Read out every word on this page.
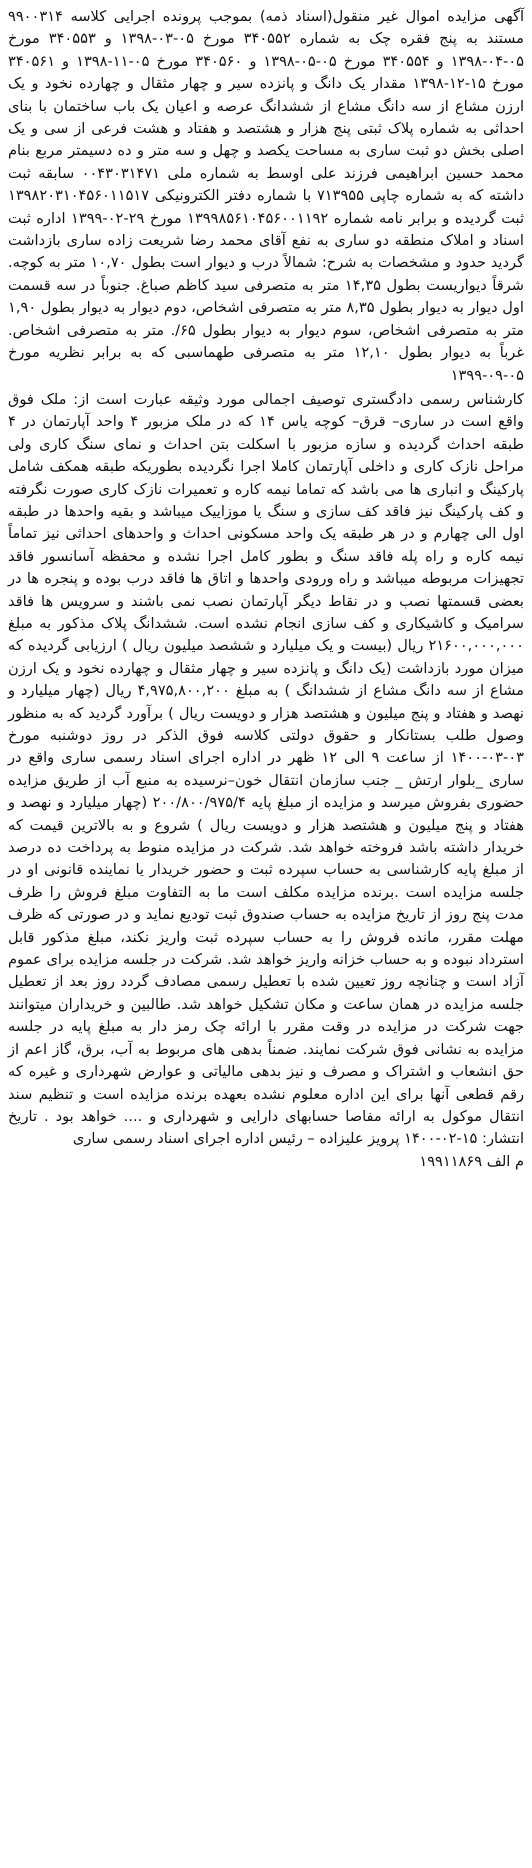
آگهی مزایده اموال غیر منقول(اسناد ذمه) بموجب پرونده اجرایی کلاسه ۹۹۰۰۳۱۴ مستند به پنج فقره چک به شماره ۳۴۰۵۵۲ مورخ ۰۵-۰۳-۱۳۹۸ و ۳۴۰۵۵۳ مورخ ۰۵-۰۴-۱۳۹۸ و ۳۴۰۵۵۴ مورخ ۰۵-۰۵-۱۳۹۸ و ۳۴۰۵۶۰ مورخ ۰۵-۱۱-۱۳۹۸ و ۳۴۰۵۶۱ مورخ ۱۵-۱۲-۱۳۹۸ مقدار یک دانگ و پانزده سیر و چهار مثقال و چهارده نخود و یک ارزن مشاع از سه دانگ مشاع از ششدانگ عرصه و اعیان یک باب ساختمان با بنای احداثی به شماره پلاک ثبتی پنج هزار و هشتصد و هفتاد و هشت فرعی از سی و یک اصلی بخش دو ثبت ساری به مساحت یکصد و چهل و سه متر و ده دسیمتر مربع بنام محمد حسین ابراهیمی فرزند علی اوسط به شماره ملی ۰۰۴۳۰۳۱۴۷۱ سابقه ثبت داشته که به شماره چاپی ۷۱۳۹۵۵ با شماره دفتر الکترونیکی ۱۳۹۸۲۰۳۱۰۴۵۶۰۱۱۵۱۷ ثبت گردیده و برابر نامه شماره ۱۳۹۹۸۵۶۱۰۴۵۶۰۰۱۱۹۲ مورخ ۲۹-۰۲-۱۳۹۹ اداره ثبت اسناد و املاک منطقه دو ساری به نفع آقای محمد رضا شریعت زاده ساری بازداشت گردید حدود و مشخصات به شرح: شمالاً درب و دیوار است بطول ۱۰,۷۰ متر به کوچه. شرقاً دیواریست بطول ۱۴,۳۵ متر به متصرفی سید کاظم صباغ. جنوباً در سه قسمت اول دیوار به دیوار بطول ۸,۳۵ متر به متصرفی اشخاص، دوم دیوار به دیوار بطول ۱,۹۰ متر به متصرفی اشخاص، سوم دیوار به دیوار بطول ۶۵/. متر به متصرفی اشخاص. غرباً به دیوار بطول ۱۲,۱۰ متر به متصرفی طهماسبی که به برابر نظریه مورخ ۰۵-۰۹-۱۳۹۹

کارشناس رسمی دادگستری توصیف اجمالی مورد وثیقه عبارت است از: ملک فوق واقع است در ساری– قرق– کوچه یاس ۱۴ که در ملک مزبور ۴ واحد آپارتمان در ۴ طبقه احداث گردیده و سازه مزبور با اسکلت بتن احداث و نمای سنگ کاری ولی مراحل نازک کاری و داخلی آپارتمان کاملا اجرا نگردیده بطوریکه طبقه همکف شامل پارکینگ و انباری ها می باشد که تماما نیمه کاره و تعمیرات نازک کاری صورت نگرفته و کف پارکینگ نیز فاقد کف سازی و سنگ یا موزاییک میباشد و بقیه واحدها در طبقه اول الی چهارم و در هر طبقه یک واحد مسکونی احداث و واحدهای احداثی نیز تماماً نیمه کاره و راه پله فاقد سنگ و بطور کامل اجرا نشده و محفظه آسانسور فاقد تجهیزات مربوطه میباشد و راه ورودی واحدها و اتاق ها فاقد درب بوده و پنجره ها در بعضی قسمتها نصب و در نقاط دیگر آپارتمان نصب نمی باشند و سرویس ها فاقد سرامیک و کاشیکاری و کف سازی انجام نشده است. ششدانگ پلاک مذکور به مبلغ ۲۱۶۰۰,۰۰۰,۰۰۰ ریال (بیست و یک میلیارد و ششصد میلیون ریال ) ارزیابی گردیده که میزان مورد بازداشت (یک دانگ و پانزده سیر و چهار مثقال و چهارده نخود و یک ارزن مشاع از سه دانگ مشاع از ششدانگ ) به مبلغ ۴,۹۷۵,۸۰۰,۲۰۰ ریال (چهار میلیارد و نهصد و هفتاد و پنج میلیون و هشتصد هزار و دویست ریال ) برآورد گردید که به منظور وصول طلب بستانکار و حقوق دولتی کلاسه فوق الذکر در روز دوشنبه مورخ ۰۳-۰۳-۱۴۰۰ از ساعت ۹ الی ۱۲ ظهر در اداره اجرای اسناد رسمی ساری واقع در ساری _بلوار ارتش _ جنب سازمان انتقال خون–نرسیده به منبع آب از طریق مزایده حضوری بفروش میرسد و مزایده از مبلغ پایه ۲۰۰/۸۰۰/۹۷۵/۴ (چهار میلیارد و نهصد و هفتاد و پنج میلیون و هشتصد هزار و دویست ریال ) شروع و به بالاترین قیمت که خریدار داشته باشد فروخته خواهد شد. شرکت در مزایده منوط به پرداخت ده درصد از مبلغ پایه کارشناسی به حساب سپرده ثبت و حضور خریدار یا نماینده قانونی او در جلسه مزایده است .برنده مزایده مکلف است ما به التفاوت مبلغ فروش را ظرف مدت پنج روز از تاریخ مزایده به حساب صندوق ثبت تودیع نماید و در صورتی که ظرف مهلت مقرر، مانده فروش را به حساب سپرده ثبت واریز نکند، مبلغ مذکور قابل استرداد نبوده و به حساب خزانه واریز خواهد شد. شرکت در جلسه مزایده برای عموم آزاد است و چنانچه روز تعیین شده با تعطیل رسمی مصادف گردد روز بعد از تعطیل جلسه مزایده در همان ساعت و مکان تشکیل خواهد شد. طالبین و خریداران میتوانند جهت شرکت در مزایده در وقت مقرر با ارائه چک رمز دار به مبلغ پایه در جلسه مزایده به نشانی فوق شرکت نمایند. ضمناً بدهی های مربوط به آب، برق، گاز اعم از حق انشعاب و اشتراک و مصرف و نیز بدهی مالیاتی و عوارض شهرداری و غیره که رقم قطعی آنها برای این اداره معلوم نشده بعهده برنده مزایده است و تنظیم سند انتقال موکول به ارائه مفاصا حسابهای دارایی و شهرداری و .... خواهد بود . تاریخ انتشار: ۱۵-۰۲-۱۴۰۰ پرویز علیزاده – رئیس اداره اجرای اسناد رسمی ساری

م الف ۱۹۹۱۱۸۶۹
